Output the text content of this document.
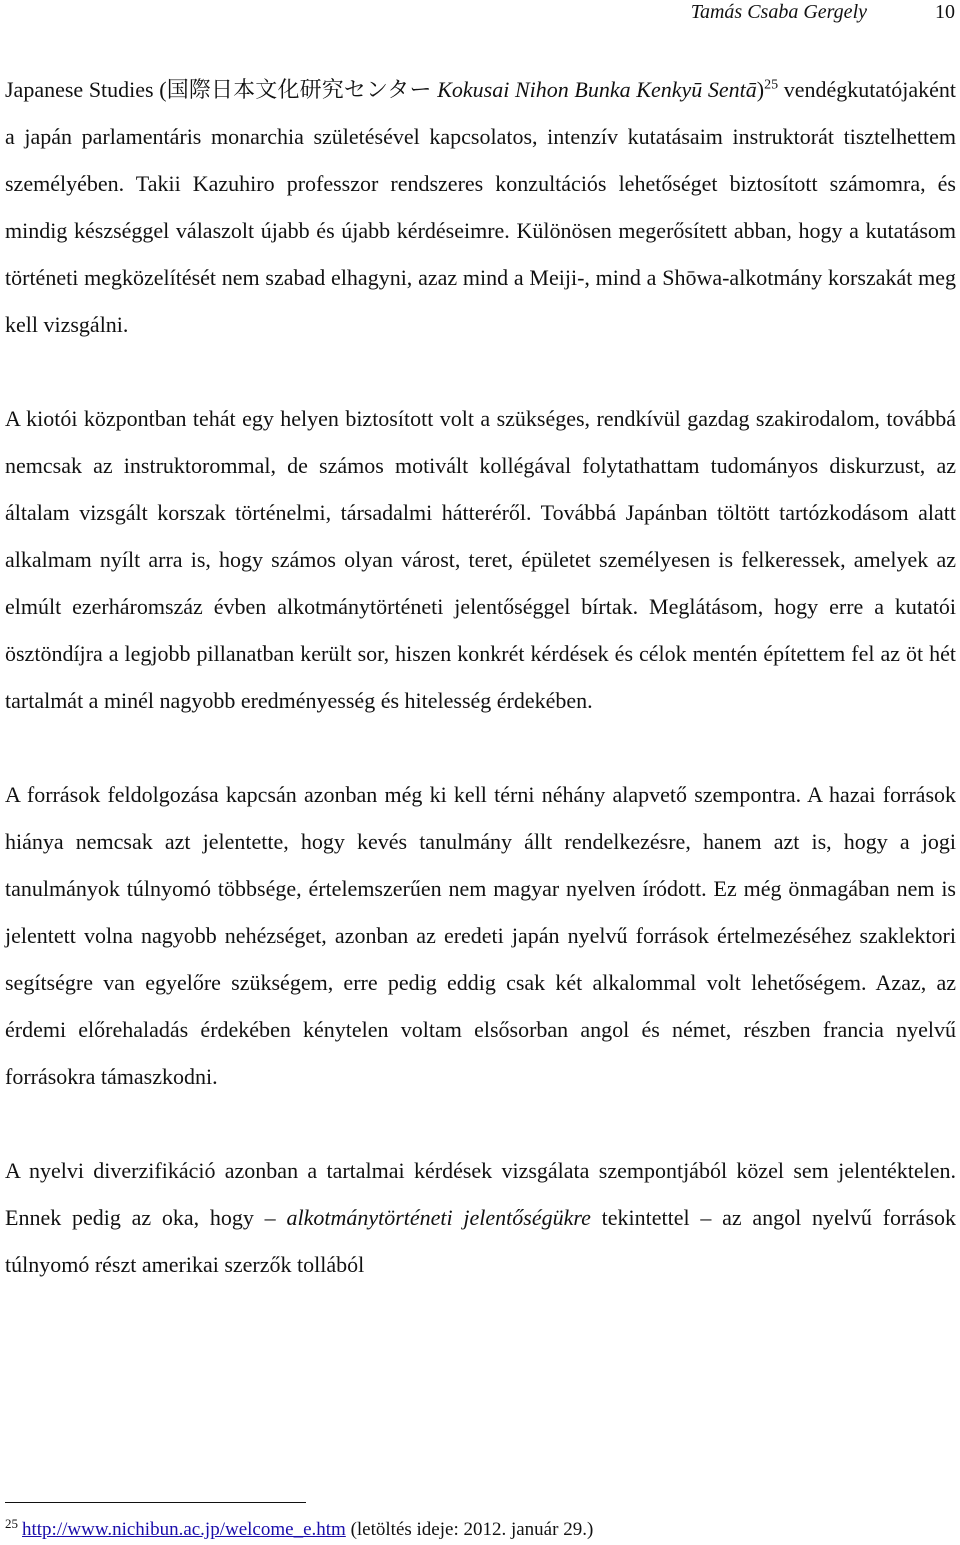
Tamás Csaba Gergely	10

Japanese Studies (国際日本文化研究センター Kokusai Nihon Bunka Kenkyū Sentā)$^{25}$ vendégkutatójaként a japán parlamentáris monarchia születésével kapcsolatos, intenzív kutatásaim instruktorát tisztelhettem személyében. Takii Kazuhiro professzor rendszeres konzultációs lehetőséget biztosított számomra, és mindig készséggel válaszolt újabb és újabb kérdéseimre. Különösen megerősített abban, hogy a kutatásom történeti megközelítését nem szabad elhagyni, azaz mind a Meiji-, mind a Shōwa-alkotmány korszakát meg kell vizsgálni.

A kiotói központban tehát egy helyen biztosított volt a szükséges, rendkívül gazdag szakirodalom, továbbá nemcsak az instruktorommal, de számos motivált kollégával folytathattam tudományos diskurzust, az általam vizsgált korszak történelmi, társadalmi hátteréről. Továbbá Japánban töltött tartózkodásom alatt alkalmam nyílt arra is, hogy számos olyan várost, teret, épületet személyesen is felkeressek, amelyek az elmúlt ezerháromszáz évben alkotmánytörténeti jelentőséggel bírtak. Meglátásom, hogy erre a kutatói ösztöndíjra a legjobb pillanatban került sor, hiszen konkrét kérdések és célok mentén építettem fel az öt hét tartalmát a minél nagyobb eredményesség és hitelesség érdekében.

A források feldolgozása kapcsán azonban még ki kell térni néhány alapvető szempontra. A hazai források hiánya nemcsak azt jelentette, hogy kevés tanulmány állt rendelkezésre, hanem azt is, hogy a jogi tanulmányok túlnyomó többsége, értelemszerűen nem magyar nyelven íródott. Ez még önmagában nem is jelentett volna nagyobb nehézséget, azonban az eredeti japán nyelvű források értelmezéséhez szaklektori segítségre van egyelőre szükségem, erre pedig eddig csak két alkalommal volt lehetőségem. Azaz, az érdemi előrehaladás érdekében kénytelen voltam elsősorban angol és német, részben francia nyelvű forrásokra támaszkodni.

A nyelvi diverzifikáció azonban a tartalmai kérdések vizsgálata szempontjából közel sem jelentéktelen. Ennek pedig az oka, hogy – alkotmánytörténeti jelentőségükre tekintettel – az angol nyelvű források túlnyomó részt amerikai szerzők tollából

$^{25}$ http://www.nichibun.ac.jp/welcome_e.htm (letöltés ideje: 2012. január 29.)
